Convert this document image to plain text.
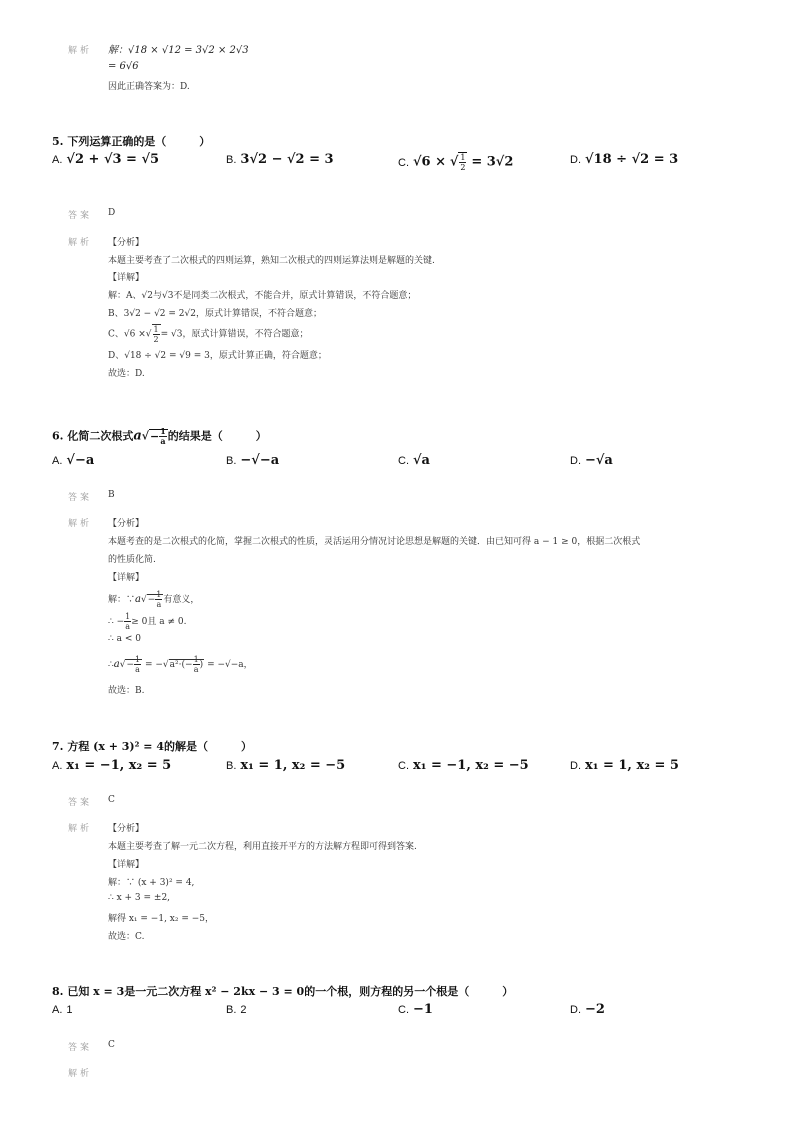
解析 解：√18 × √12 = 3√2 × 2√3
= 6√6
因此正确答案为：D.
5. 下列运算正确的是（　　　）
A. √2 + √3 = √5	B. 3√2 − √2 = 3	C. √6 × √ $\frac{1}{2} = 3√2$	D. √18 ÷ √2 = 3
答案 D
解析 【分析】
本题主要考查了二次根式的四则运算，熟知二次根式的四则运算法则是解题的关键.
【详解】
解：A、√2与√3不是同类二次根式，不能合并，原式计算错误，不符合题意；
B、3√2 − √2 = 2√2，原式计算错误，不符合题意；
C、√6 ×√ $\frac{1}{2} = √3$，原式计算错误，不符合题意；
D、√18 ÷ √2 = √9 = 3，原式计算正确，符合题意；
故选：D.
6. 化简二次根式$a√- \frac{1}{a}$ 的结果是（　　　）
A. √−a	B. −√−a	C. √a	D. −√a
答案 B
解析 【分析】
本题考查的是二次根式的化简，掌握二次根式的性质，灵活运用分情况讨论思想是解题的关键．由已知可得 a − 1 ≥ 0，根据二次根式
的性质化简.
【详解】
解：∵a√− $\frac{1}{a}$ 有意义，
∴ − $\frac{1}{a} \ge 0$且 a ≠ 0.
∴ a < 0
∴a√− $\frac{1}{a} = -√a^2\cdot(- \frac{1}{a}$ ) = −√−a，
故选：B.
7. 方程 (x + 3)² = 4的解是（　　　）
A. x₁ = −1, x₂ = 5	B. x₁ = 1, x₂ = −5	C. x₁ = −1, x₂ = −5	D. x₁ = 1, x₂ = 5
答案 C
解析 【分析】
本题主要考查了解一元二次方程，利用直接开平方的方法解方程即可得到答案.
【详解】
解：∵ (x + 3)² = 4,
∴ x + 3 = ±2,
解得 x₁ = −1, x₂ = −5，
故选：C.
8. 已知 x = 3是一元二次方程 x² − 2kx − 3 = 0的一个根，则方程的另一个根是（　　　）
A. 1	B. 2	C. −1	D. −2
答案 C
解析
